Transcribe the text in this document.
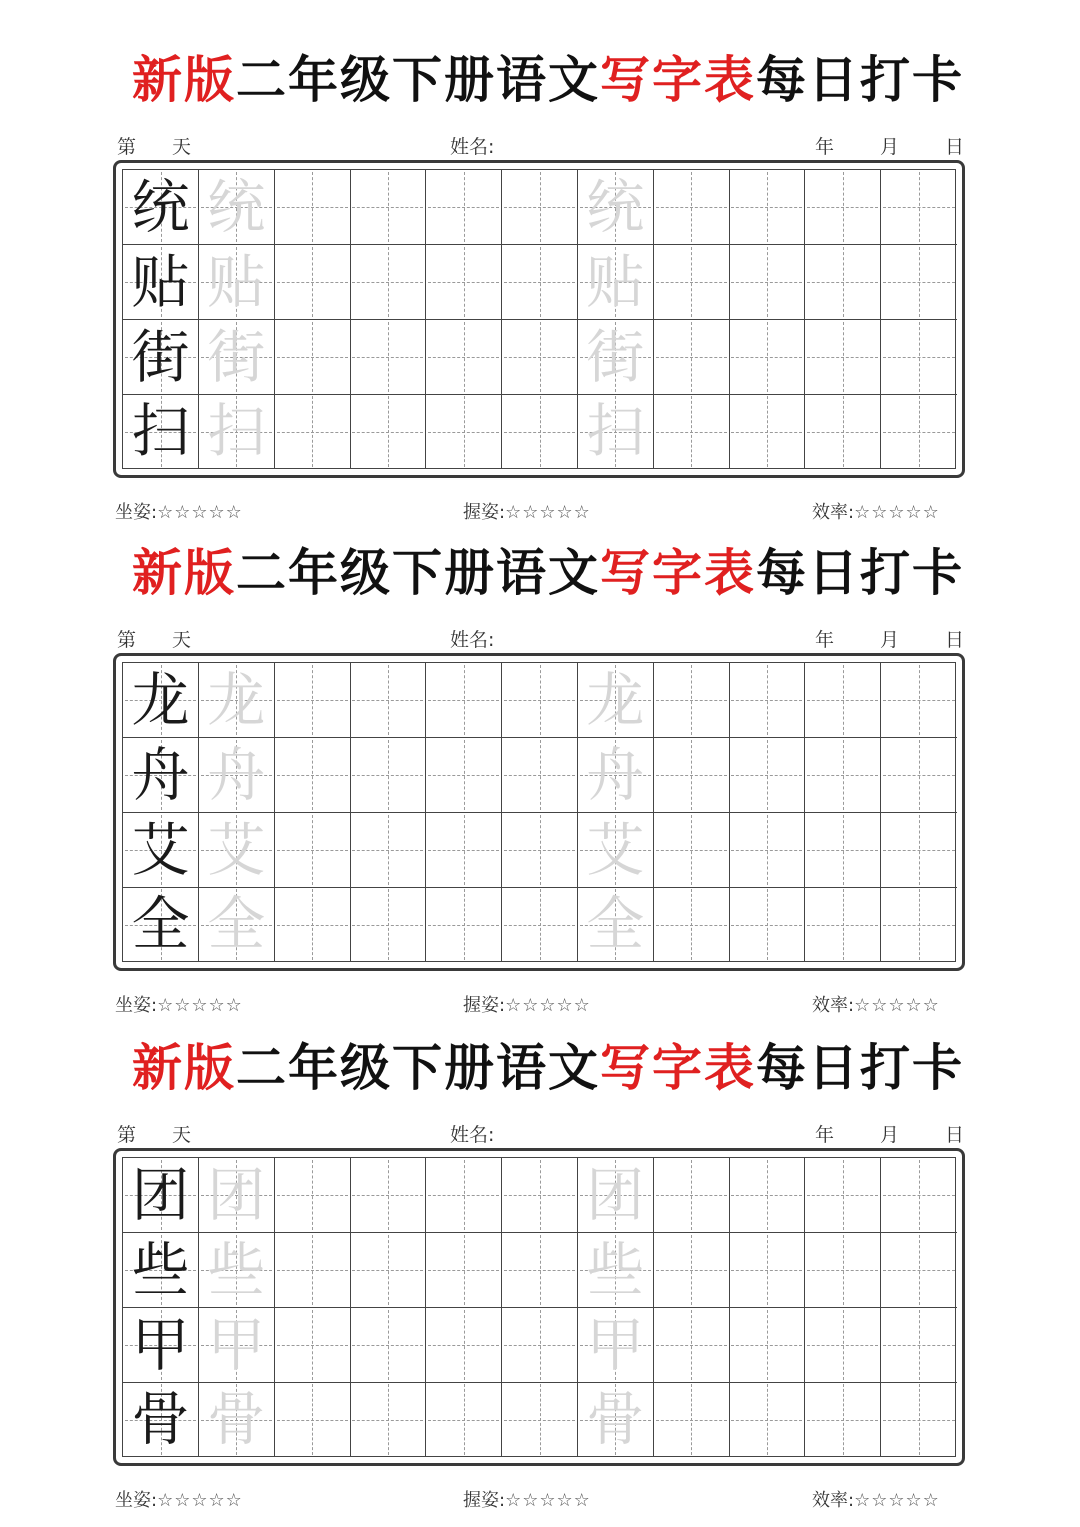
新版二年级下册语文写字表每日打卡
第 天	姓名:	年 月 日
统 统	统
贴 贴	贴
街 街	街
扫 扫	扫
坐姿:☆☆☆☆☆	握姿:☆☆☆☆☆	效率:☆☆☆☆☆
新版二年级下册语文写字表每日打卡
第 天	姓名:	年 月 日
龙 龙	龙
舟 舟	舟
艾 艾	艾
全 全	全
坐姿:☆☆☆☆☆	握姿:☆☆☆☆☆	效率:☆☆☆☆☆
新版二年级下册语文写字表每日打卡
第 天	姓名:	年 月 日
团 团	团
些 些	些
甲 甲	甲
骨 骨	骨
坐姿:☆☆☆☆☆	握姿:☆☆☆☆☆	效率:☆☆☆☆☆
